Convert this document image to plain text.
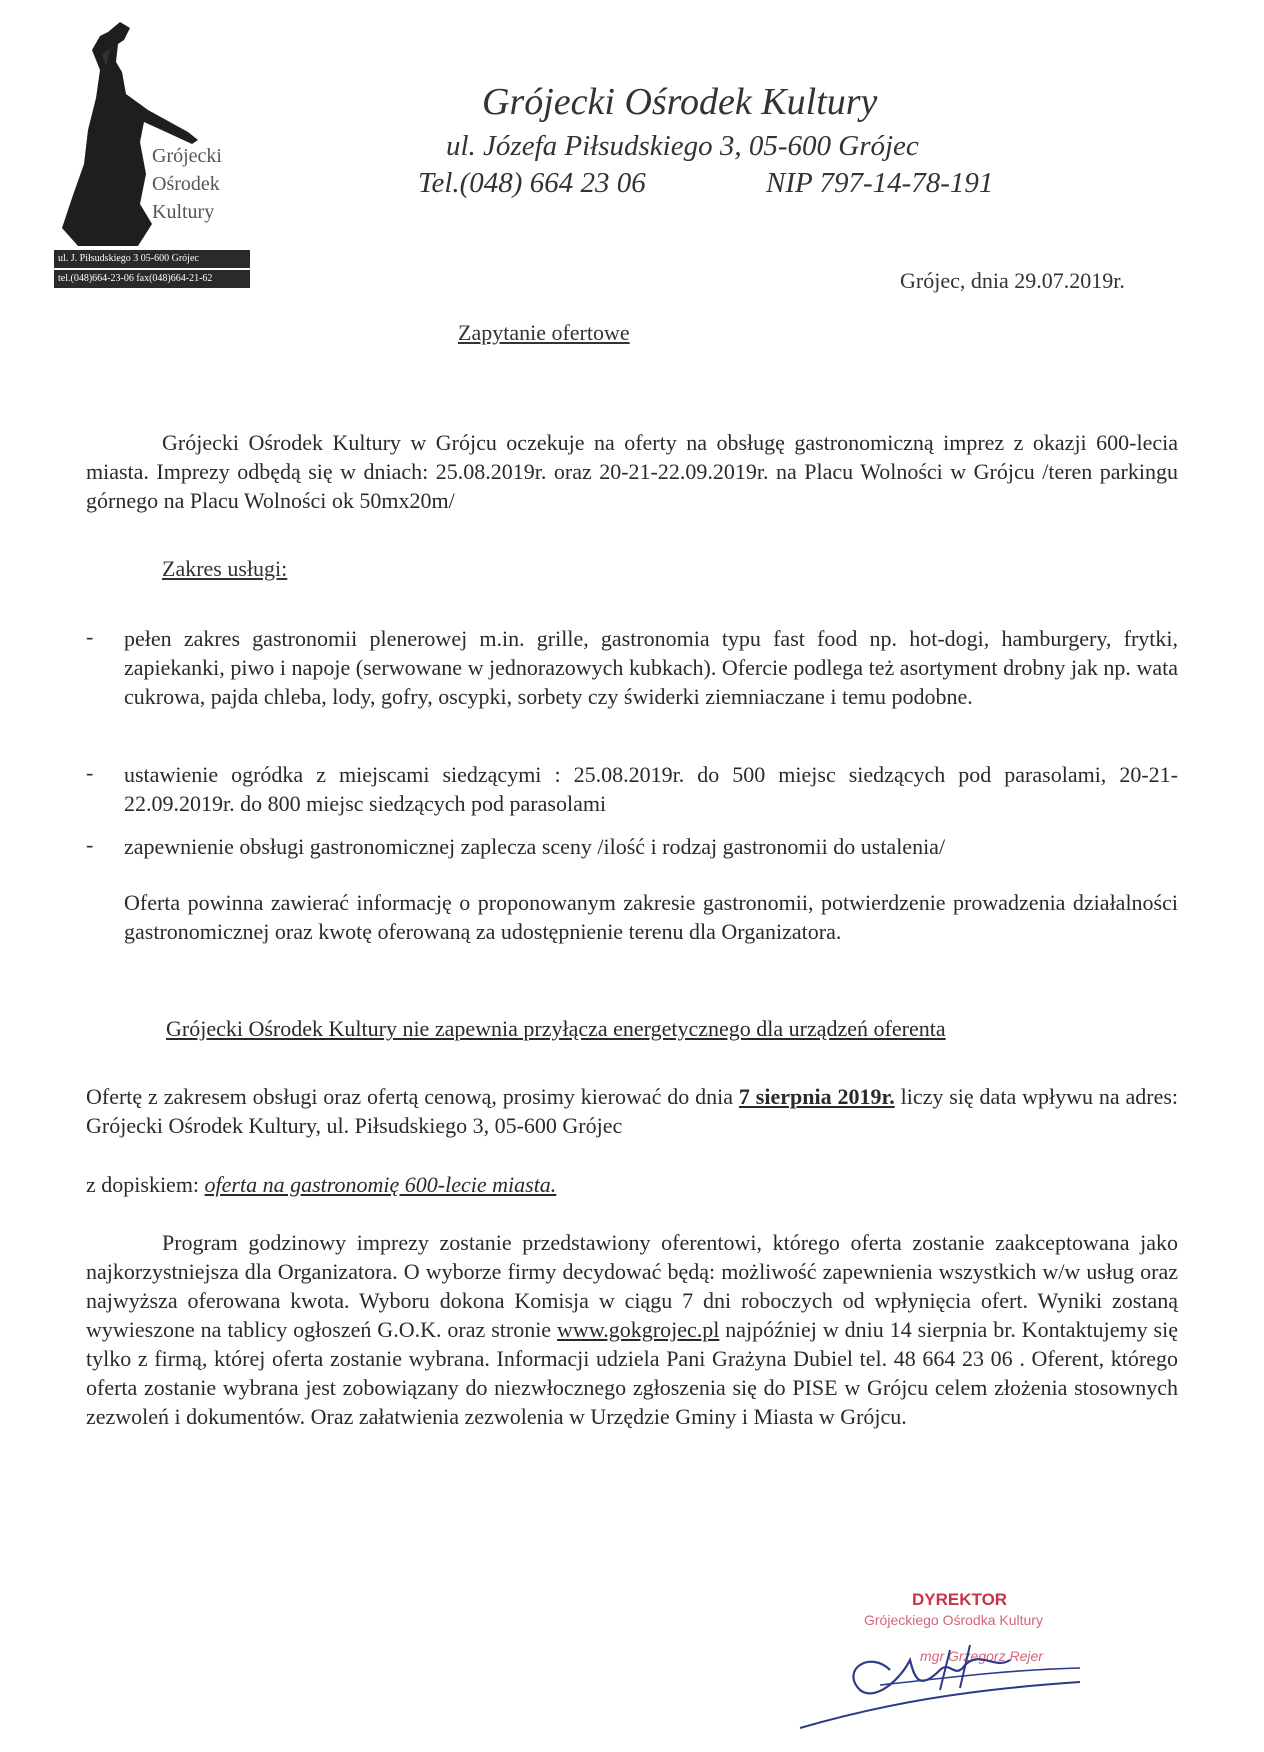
Grójecki
Ośrodek
Kultury
ul. J. Piłsudskiego 3 05-600 Grójec
tel.(048)664-23-06 fax(048)664-21-62
Grójecki Ośrodek Kultury
ul. Józefa Piłsudskiego 3, 05-600 Grójec
Tel.(048) 664 23 06	NIP 797-14-78-191
Grójec, dnia 29.07.2019r.
Zapytanie ofertowe
Grójecki Ośrodek Kultury w Grójcu oczekuje na oferty na obsługę gastronomiczną imprez z okazji 600-lecia miasta. Imprezy odbędą się w dniach: 25.08.2019r. oraz 20-21-22.09.2019r. na Placu Wolności w Grójcu /teren parkingu górnego na Placu Wolności ok 50mx20m/
Zakres usługi:
- pełen zakres gastronomii plenerowej m.in. grille, gastronomia typu fast food np. hot-dogi, hamburgery, frytki, zapiekanki, piwo i napoje (serwowane w jednorazowych kubkach). Ofercie podlega też asortyment drobny jak np. wata cukrowa, pajda chleba, lody, gofry, oscypki, sorbety czy świderki ziemniaczane i temu podobne.
- ustawienie ogródka z miejscami siedzącymi : 25.08.2019r. do 500 miejsc siedzących pod parasolami, 20-21-22.09.2019r. do 800 miejsc siedzących pod parasolami
- zapewnienie obsługi gastronomicznej zaplecza sceny /ilość i rodzaj gastronomii do ustalenia/
Oferta powinna zawierać informację o proponowanym zakresie gastronomii, potwierdzenie prowadzenia działalności gastronomicznej oraz kwotę oferowaną za udostępnienie terenu dla Organizatora.
Grójecki Ośrodek Kultury nie zapewnia przyłącza energetycznego dla urządzeń oferenta
Ofertę z zakresem obsługi oraz ofertą cenową, prosimy kierować do dnia 7 sierpnia 2019r. liczy się data wpływu na adres: Grójecki Ośrodek Kultury, ul. Piłsudskiego 3, 05-600 Grójec
z dopiskiem: oferta na gastronomię 600-lecie miasta.
Program godzinowy imprezy zostanie przedstawiony oferentowi, którego oferta zostanie zaakceptowana jako najkorzystniejsza dla Organizatora. O wyborze firmy decydować będą: możliwość zapewnienia wszystkich w/w usług oraz najwyższa oferowana kwota. Wyboru dokona Komisja w ciągu 7 dni roboczych od wpłynięcia ofert. Wyniki zostaną wywieszone na tablicy ogłoszeń G.O.K. oraz stronie www.gokgrojec.pl najpóźniej w dniu 14 sierpnia br. Kontaktujemy się tylko z firmą, której oferta zostanie wybrana. Informacji udziela Pani Grażyna Dubiel tel. 48 664 23 06 . Oferent, którego oferta zostanie wybrana jest zobowiązany do niezwłocznego zgłoszenia się do PISE w Grójcu celem złożenia stosownych zezwoleń i dokumentów. Oraz załatwienia zezwolenia w Urzędzie Gminy i Miasta w Grójcu.
DYREKTOR
Grójeckiego Ośrodka Kultury
mgr Grzegorz Rejer
